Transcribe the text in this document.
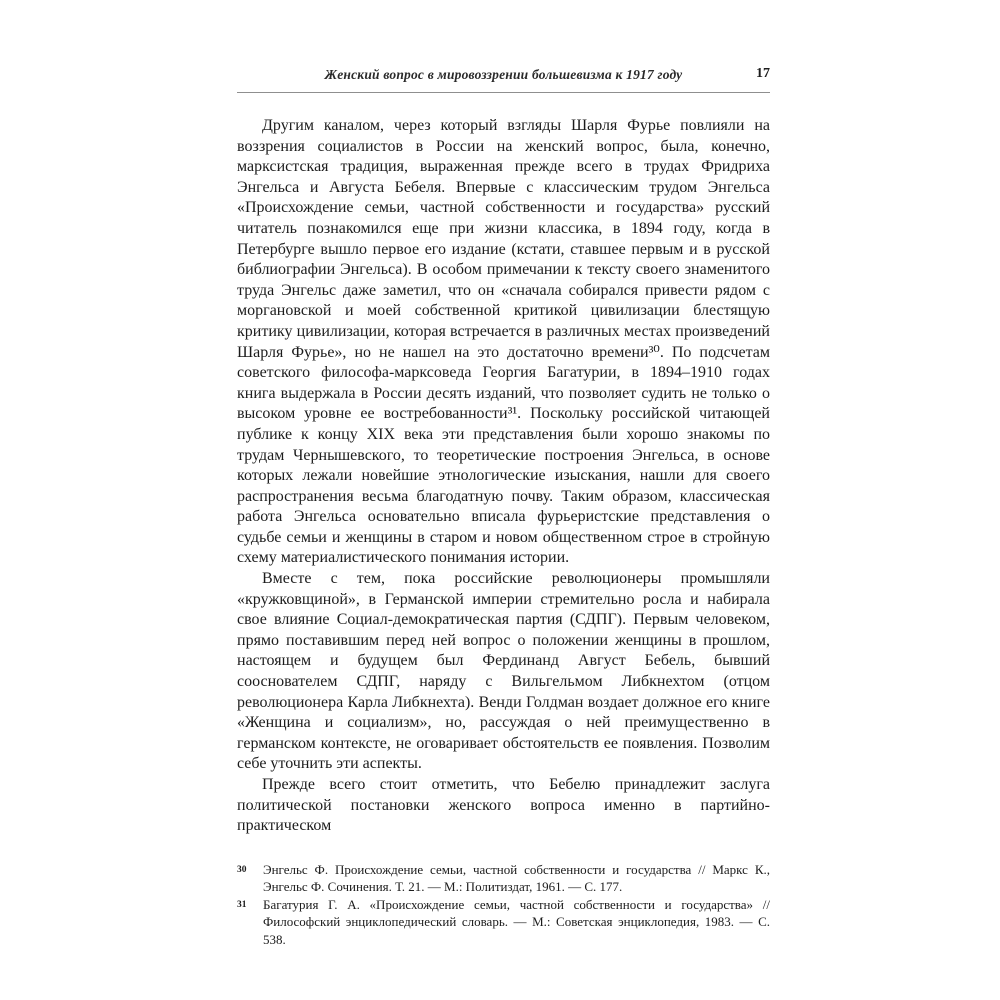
Женский вопрос в мировоззрении большевизма к 1917 году	17

Другим каналом, через который взгляды Шарля Фурье повлияли на воззрения социалистов в России на женский вопрос, была, конечно, марксистская традиция, выраженная прежде всего в трудах Фридриха Энгельса и Августа Бебеля. Впервые с классическим трудом Энгельса «Происхождение семьи, частной собственности и государства» русский читатель познакомился еще при жизни классика, в 1894 году, когда в Петербурге вышло первое его издание (кстати, ставшее первым и в русской библиографии Энгельса). В особом примечании к тексту своего знаменитого труда Энгельс даже заметил, что он «сначала собирался привести рядом с моргановской и моей собственной критикой цивилизации блестящую критику цивилизации, которая встречается в различных местах произведений Шарля Фурье», но не нашел на это достаточно времени³⁰. По подсчетам советского философа-марксоведа Георгия Багатурии, в 1894–1910 годах книга выдержала в России десять изданий, что позволяет судить не только о высоком уровне ее востребованности³¹. Поскольку российской читающей публике к концу XIX века эти представления были хорошо знакомы по трудам Чернышевского, то теоретические построения Энгельса, в основе которых лежали новейшие этнологические изыскания, нашли для своего распространения весьма благодатную почву. Таким образом, классическая работа Энгельса основательно вписала фурьеристские представления о судьбе семьи и женщины в старом и новом общественном строе в стройную схему материалистического понимания истории.

Вместе с тем, пока российские революционеры промышляли «кружковщиной», в Германской империи стремительно росла и набирала свое влияние Социал-демократическая партия (СДПГ). Первым человеком, прямо поставившим перед ней вопрос о положении женщины в прошлом, настоящем и будущем был Фердинанд Август Бебель, бывший сооснователем СДПГ, наряду с Вильгельмом Либкнехтом (отцом революционера Карла Либкнехта). Венди Голдман воздает должное его книге «Женщина и социализм», но, рассуждая о ней преимущественно в германском контексте, не оговаривает обстоятельств ее появления. Позволим себе уточнить эти аспекты.

Прежде всего стоит отметить, что Бебелю принадлежит заслуга политической постановки женского вопроса именно в партийно-практическом

30	Энгельс Ф. Происхождение семьи, частной собственности и государства // Маркс К., Энгельс Ф. Сочинения. Т. 21. — М.: Политиздат, 1961. — С. 177.
31	Багатурия Г. А. «Происхождение семьи, частной собственности и государства» // Философский энциклопедический словарь. — М.: Советская энциклопедия, 1983. — С. 538.
